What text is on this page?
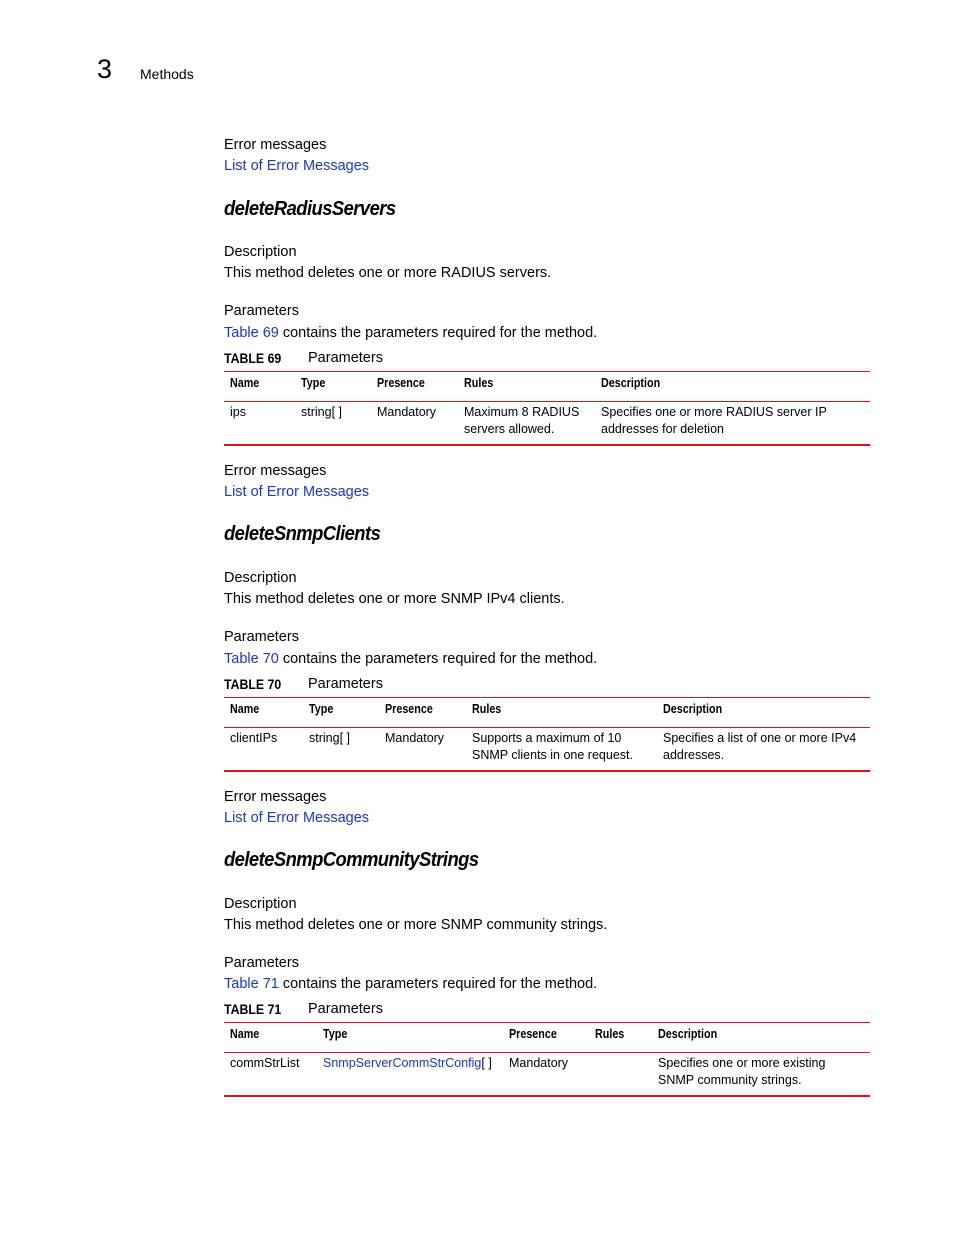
3 Methods
Error messages
List of Error Messages
deleteRadiusServers
Description
This method deletes one or more RADIUS servers.
Parameters
Table 69 contains the parameters required for the method.
TABLE 69 Parameters
Name	Type	Presence	Rules	Description
ips	string[ ]	Mandatory	Maximum 8 RADIUS servers allowed.	Specifies one or more RADIUS server IP addresses for deletion
Error messages
List of Error Messages
deleteSnmpClients
Description
This method deletes one or more SNMP IPv4 clients.
Parameters
Table 70 contains the parameters required for the method.
TABLE 70 Parameters
Name	Type	Presence	Rules	Description
clientIPs	string[ ]	Mandatory	Supports a maximum of 10 SNMP clients in one request.	Specifies a list of one or more IPv4 addresses.
Error messages
List of Error Messages
deleteSnmpCommunityStrings
Description
This method deletes one or more SNMP community strings.
Parameters
Table 71 contains the parameters required for the method.
TABLE 71 Parameters
Name	Type	Presence	Rules	Description
commStrList	SnmpServerCommStrConfig[ ]	Mandatory		Specifies one or more existing SNMP community strings.
